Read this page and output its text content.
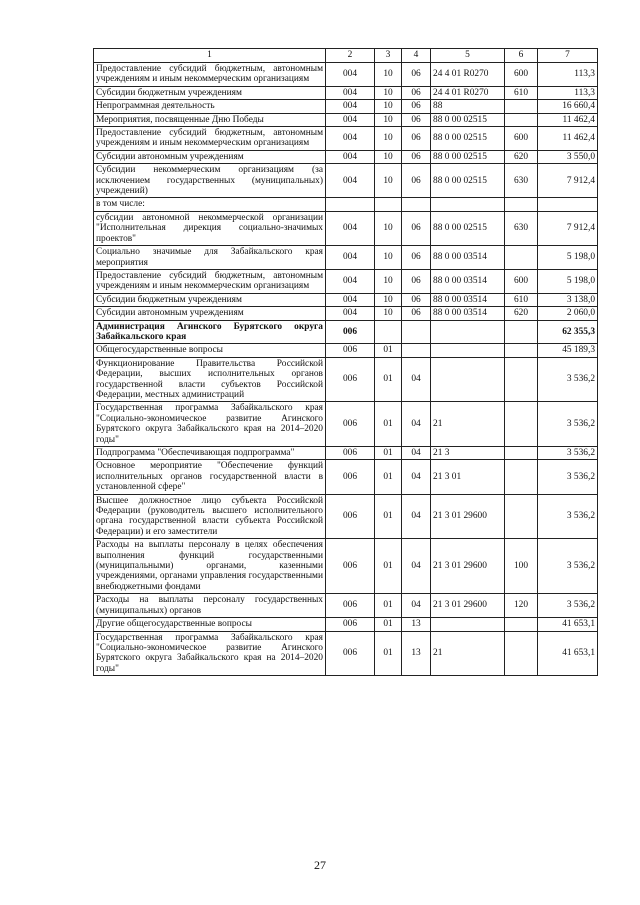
1	2	3	4	5	6	7
Предоставление субсидий бюджетным, автономным учреждениям и иным некоммерческим организациям	004	10	06	24 4 01 R0270	600	113,3
Субсидии бюджетным учреждениям	004	10	06	24 4 01 R0270	610	113,3
Непрограммная деятельность	004	10	06	88		16 660,4
Мероприятия, посвященные Дню Победы	004	10	06	88 0 00 02515		11 462,4
Предоставление субсидий бюджетным, автономным учреждениям и иным некоммерческим организациям	004	10	06	88 0 00 02515	600	11 462,4
Субсидии автономным учреждениям	004	10	06	88 0 00 02515	620	3 550,0
Субсидии некоммерческим организациям (за исключением государственных (муниципальных) учреждений)	004	10	06	88 0 00 02515	630	7 912,4
в том числе:						
субсидии автономной некоммерческой организации "Исполнительная дирекция социально-значимых проектов"	004	10	06	88 0 00 02515	630	7 912,4
Социально значимые для Забайкальского края мероприятия	004	10	06	88 0 00 03514		5 198,0
Предоставление субсидий бюджетным, автономным учреждениям и иным некоммерческим организациям	004	10	06	88 0 00 03514	600	5 198,0
Субсидии бюджетным учреждениям	004	10	06	88 0 00 03514	610	3 138,0
Субсидии автономным учреждениям	004	10	06	88 0 00 03514	620	2 060,0
Администрация Агинского Бурятского округа Забайкальского края	006					62 355,3
Общегосударственные вопросы	006	01				45 189,3
Функционирование Правительства Российской Федерации, высших исполнительных органов государственной власти субъектов Российской Федерации, местных администраций	006	01	04			3 536,2
Государственная программа Забайкальского края "Социально-экономическое развитие Агинского Бурятского округа Забайкальского края на 2014–2020 годы"	006	01	04	21		3 536,2
Подпрограмма "Обеспечивающая подпрограмма"	006	01	04	21 3		3 536,2
Основное мероприятие "Обеспечение функций исполнительных органов государственной власти в установленной сфере"	006	01	04	21 3 01		3 536,2
Высшее должностное лицо субъекта Российской Федерации (руководитель высшего исполнительного органа государственной власти субъекта Российской Федерации) и его заместители	006	01	04	21 3 01 29600		3 536,2
Расходы на выплаты персоналу в целях обеспечения выполнения функций государственными (муниципальными) органами, казенными учреждениями, органами управления государственными внебюджетными фондами	006	01	04	21 3 01 29600	100	3 536,2
Расходы на выплаты персоналу государственных (муниципальных) органов	006	01	04	21 3 01 29600	120	3 536,2
Другие общегосударственные вопросы	006	01	13			41 653,1
Государственная программа Забайкальского края "Социально-экономическое развитие Агинского Бурятского округа Забайкальского края на 2014–2020 годы"	006	01	13	21		41 653,1
27
